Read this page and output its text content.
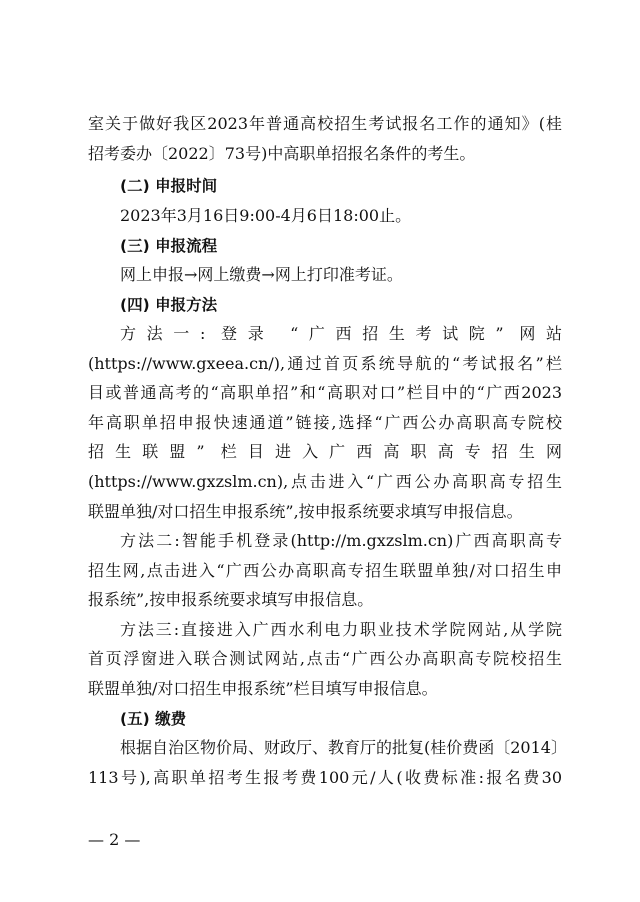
室关于做好我区2023年普通高校招生考试报名工作的通知》(桂
招考委办〔2022〕73号)中高职单招报名条件的考生。
(二) 申报时间
2023年3月16日9:00-4月6日18:00止。
(三) 申报流程
网上申报→网上缴费→网上打印准考证。
(四) 申报方法
方法一: 登录 “广西招生考试院” 网站
(https://www.gxeea.cn/),通过首页系统导航的“考试报名”栏
目或普通高考的“高职单招”和“高职对口”栏目中的“广西2023
年高职单招申报快速通道”链接,选择“广西公办高职高专院校
招生联盟” 栏目进入广西高职高专招生网
(https://www.gxzslm.cn),点击进入“广西公办高职高专招生
联盟单独/对口招生申报系统”,按申报系统要求填写申报信息。
方法二:智能手机登录(http://m.gxzslm.cn)广西高职高专
招生网,点击进入“广西公办高职高专招生联盟单独/对口招生申
报系统”,按申报系统要求填写申报信息。
方法三:直接进入广西水利电力职业技术学院网站,从学院
首页浮窗进入联合测试网站,点击“广西公办高职高专院校招生
联盟单独/对口招生申报系统”栏目填写申报信息。
(五) 缴费
根据自治区物价局、财政厅、教育厅的批复(桂价费函〔2014〕
113号),高职单招考生报考费100元/人(收费标准:报名费30
— 2 —
